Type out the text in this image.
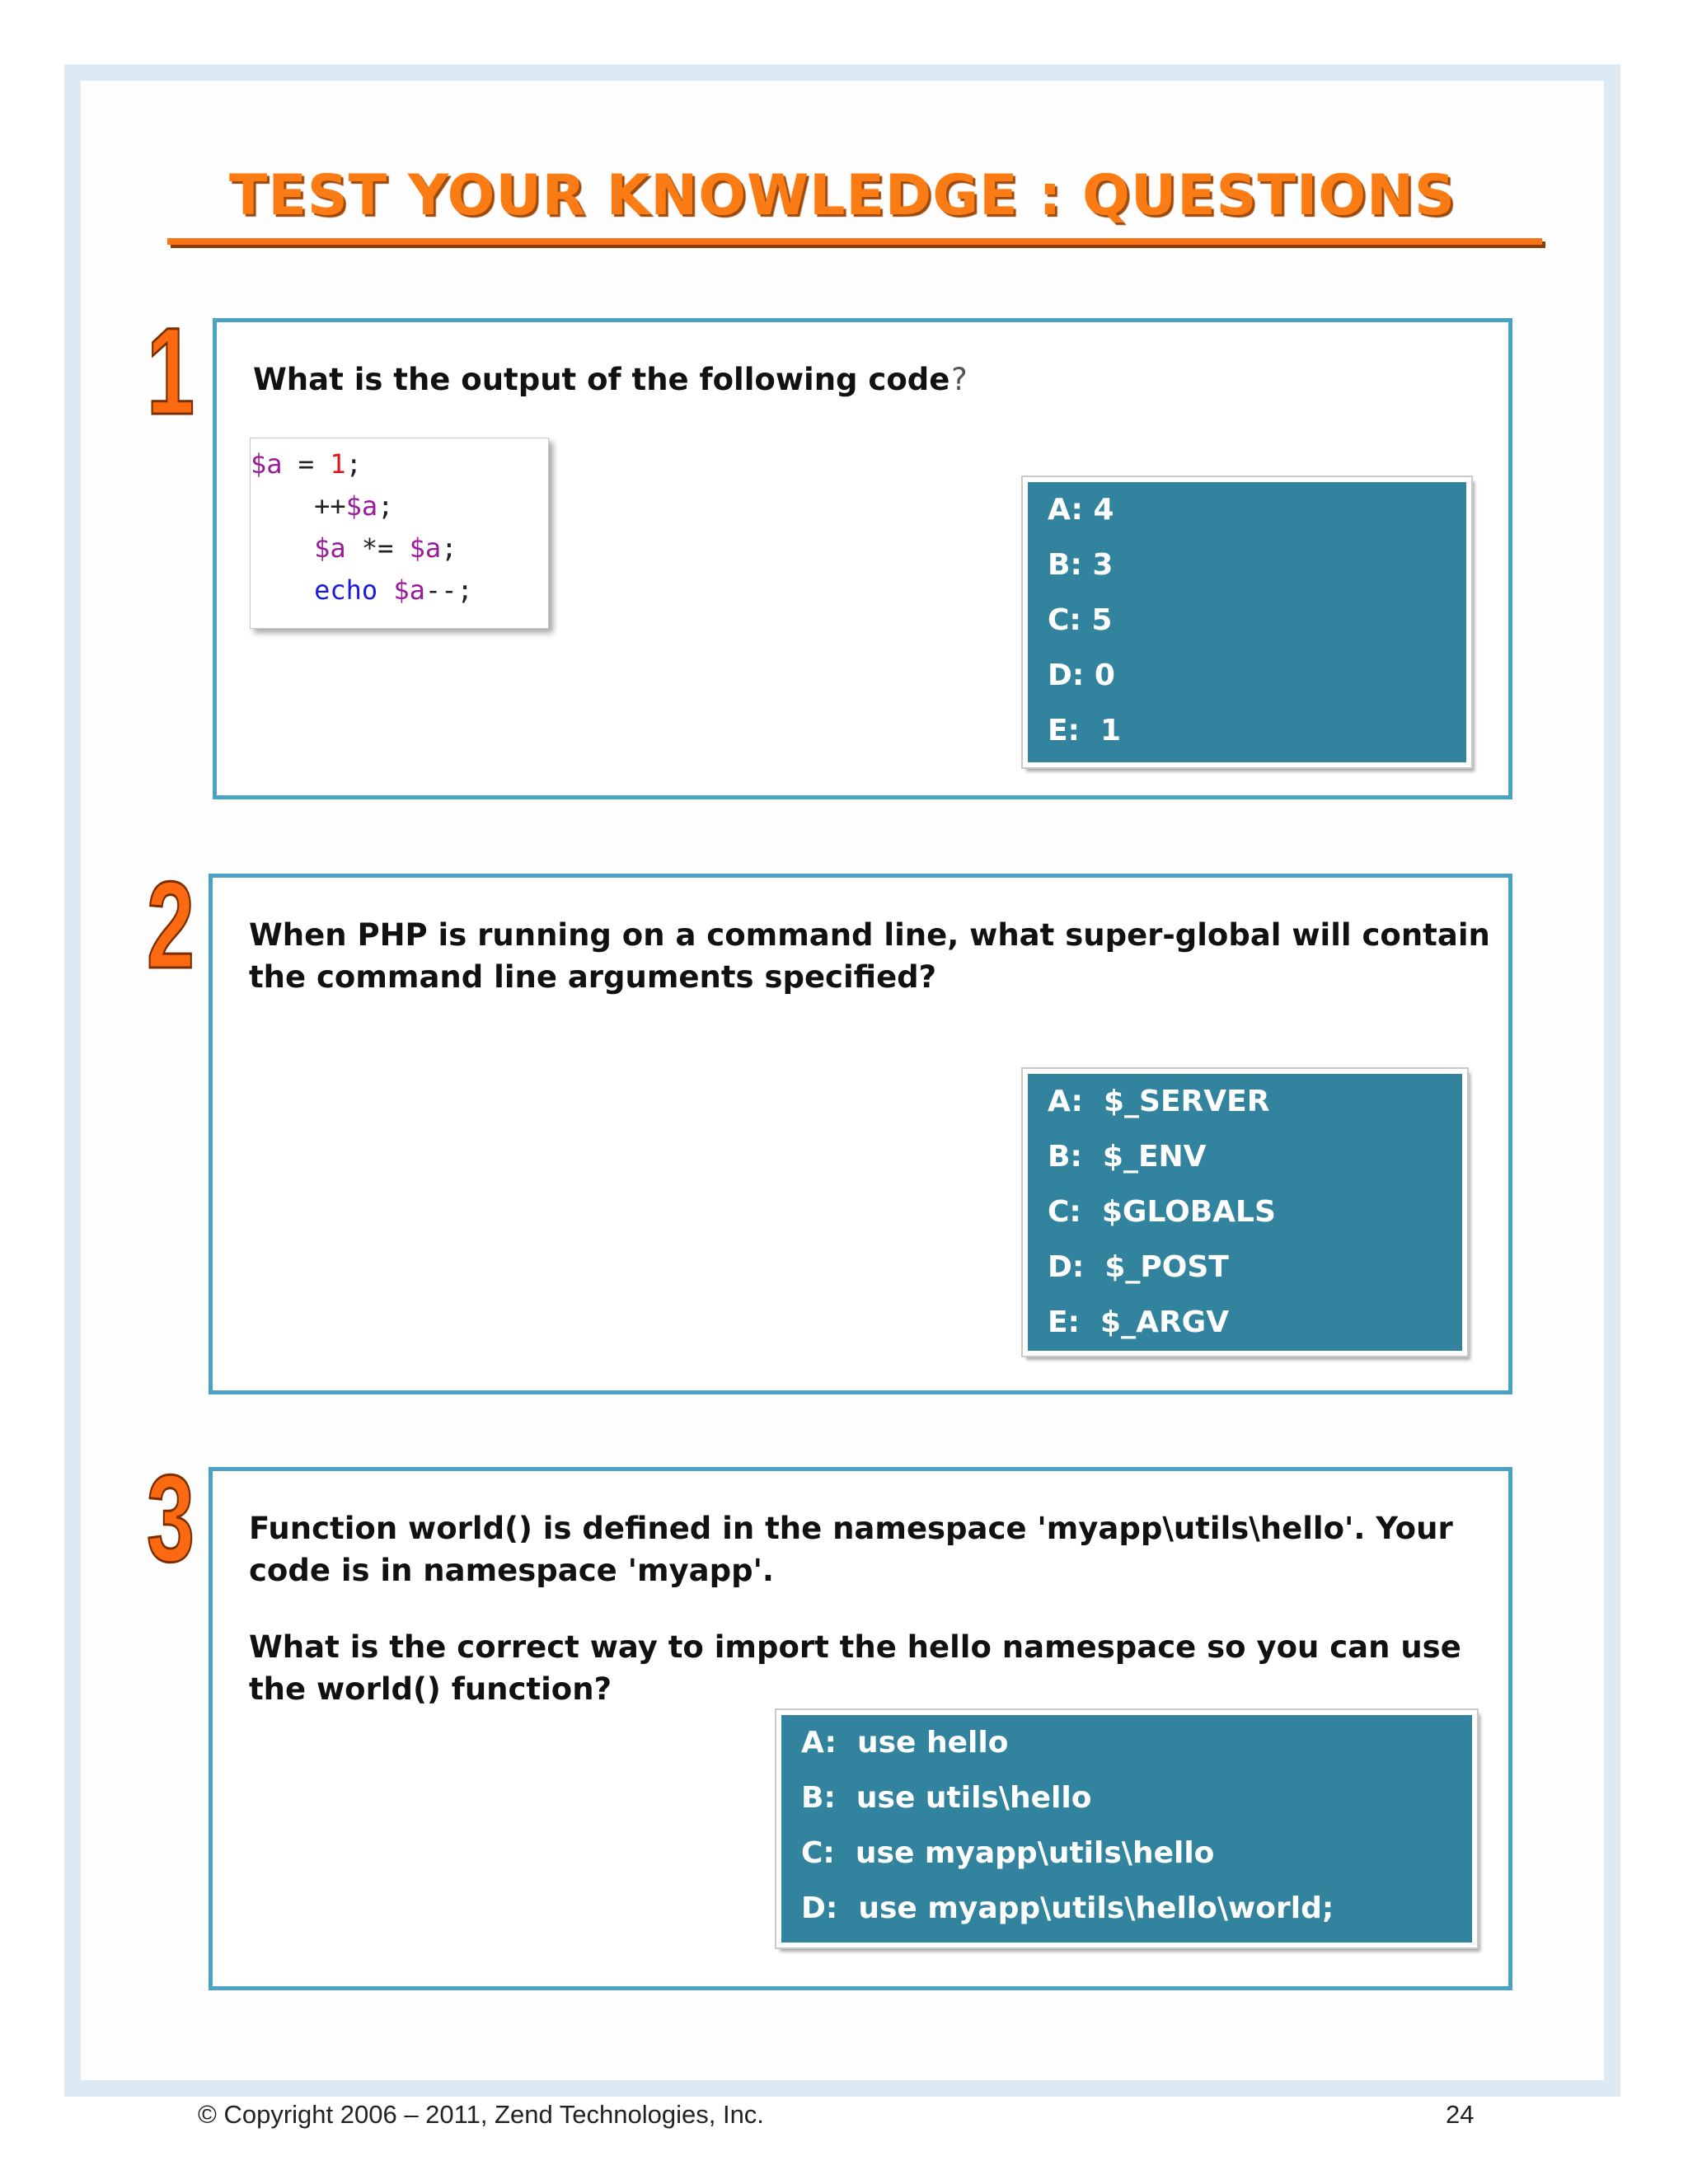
TEST YOUR KNOWLEDGE : QUESTIONS
1 What is the output of the following code?
$a = 1;
++$a;
$a *= $a;
echo $a--;
A: 4
B: 3
C: 5
D: 0
E:  1
2 When PHP is running on a command line, what super-global will contain
the command line arguments specified?
A:  $_SERVER
B:  $_ENV
C:  $GLOBALS
D:  $_POST
E:  $_ARGV
3 Function world() is defined in the namespace 'myapp\utils\hello'. Your
code is in namespace 'myapp'.
What is the correct way to import the hello namespace so you can use
the world() function?
A:  use hello
B:  use utils\hello
C:  use myapp\utils\hello
D:  use myapp\utils\hello\world;
© Copyright 2006 – 2011, Zend Technologies, Inc.	24
